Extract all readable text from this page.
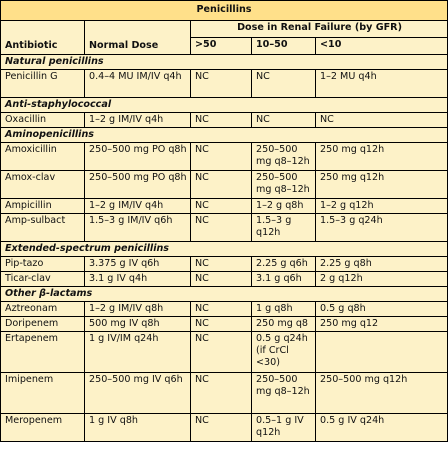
Penicillins				
Antibiotic	Normal Dose	Dose in Renal Failure (by GFR)		
		>50	10–50	<10
Natural penicillins				
Penicillin G	0.4–4 MU IM/IV q4h	NC	NC	1–2 MU q4h
Anti-staphylococcal				
Oxacillin	1–2 g IM/IV q4h	NC	NC	NC
Aminopenicillins				
Amoxicillin	250–500 mg PO q8h	NC	250–500 mg q8–12h	250 mg q12h
Amox-clav	250–500 mg PO q8h	NC	250–500 mg q8–12h	250 mg q12h
Ampicillin	1–2 g IM/IV q4h	NC	1–2 g q8h	1–2 g q12h
Amp-sulbact	1.5–3 g IM/IV q6h	NC	1.5–3 g q12h	1.5–3 g q24h
Extended-spectrum penicillins				
Pip-tazo	3.375 g IV q6h	NC	2.25 g q6h	2.25 g q8h
Ticar-clav	3.1 g IV q4h	NC	3.1 g q6h	2 g q12h
Other β-lactams				
Aztreonam	1–2 g IM/IV q8h	NC	1 g q8h	0.5 g q8h
Doripenem	500 mg IV q8h	NC	250 mg q8	250 mg q12
Ertapenem	1 g IV/IM q24h	NC	0.5 g q24h (if CrCl <30)	
Imipenem	250–500 mg IV q6h	NC	250–500 mg q8–12h	250–500 mg q12h
Meropenem	1 g IV q8h	NC	0.5–1 g IV q12h	0.5 g IV q24h
